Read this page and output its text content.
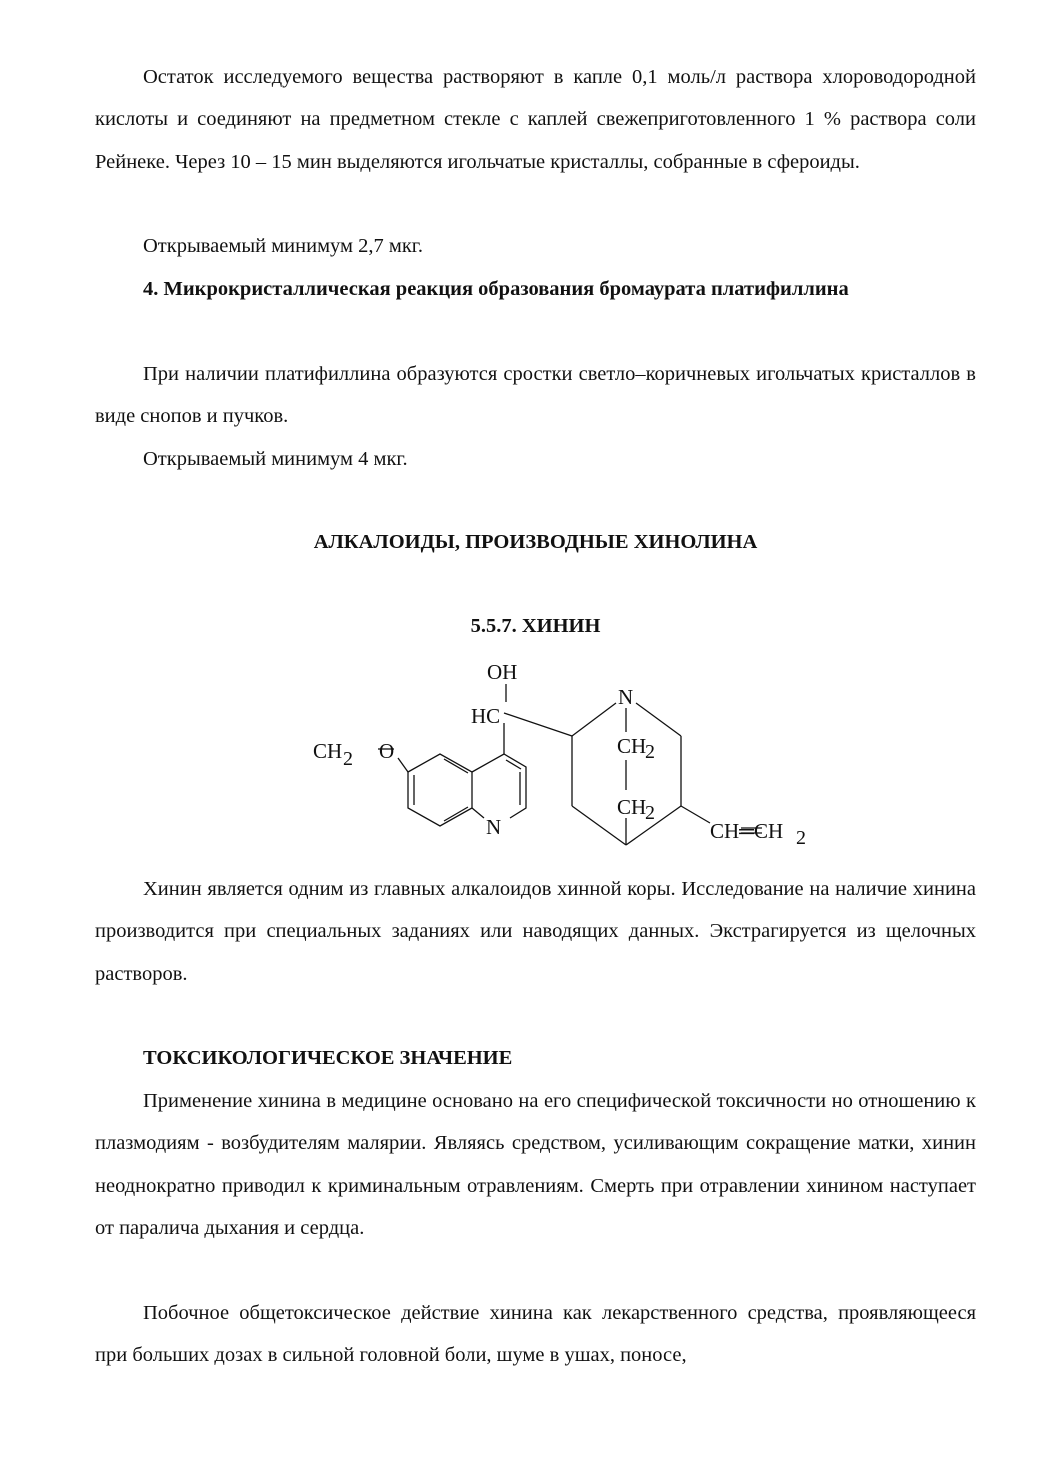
Остаток исследуемого вещества растворяют в капле 0,1 моль/л раствора хлороводородной кислоты и соединяют на предметном стекле с каплей свежеприготовленного 1 % раствора соли Рейнеке. Через 10 – 15 мин выделяются игольчатые кристаллы, собранные в сфероиды.

Открываемый минимум 2,7 мкг.

4. Микрокристаллическая реакция образования бромаурата платифиллина

При наличии платифиллина образуются сростки светло–коричневых игольчатых кристаллов в виде снопов и пучков.

Открываемый минимум 4 мкг.

АЛКАЛОИДЫ, ПРОИЗВОДНЫЕ ХИНОЛИНА

5.5.7. ХИНИН

OH
HC
N
CH
2
CH
2
CH 2 O
N	CH═CH 2

Хинин является одним из главных алкалоидов хинной коры. Исследование на наличие хинина производится при специальных заданиях или наводящих данных. Экстрагируется из щелочных растворов.

ТОКСИКОЛОГИЧЕСКОЕ ЗНАЧЕНИЕ

Применение хинина в медицине основано на его специфической токсичности но отношению к плазмодиям - возбудителям малярии. Являясь средством, усиливающим сокращение матки, хинин неоднократно приводил к криминальным отравлениям. Смерть при отравлении хинином наступает от паралича дыхания и сердца.

Побочное общетоксическое действие хинина как лекарственного средства, проявляющееся при больших дозах в сильной головной боли, шуме в ушах, поносе,
